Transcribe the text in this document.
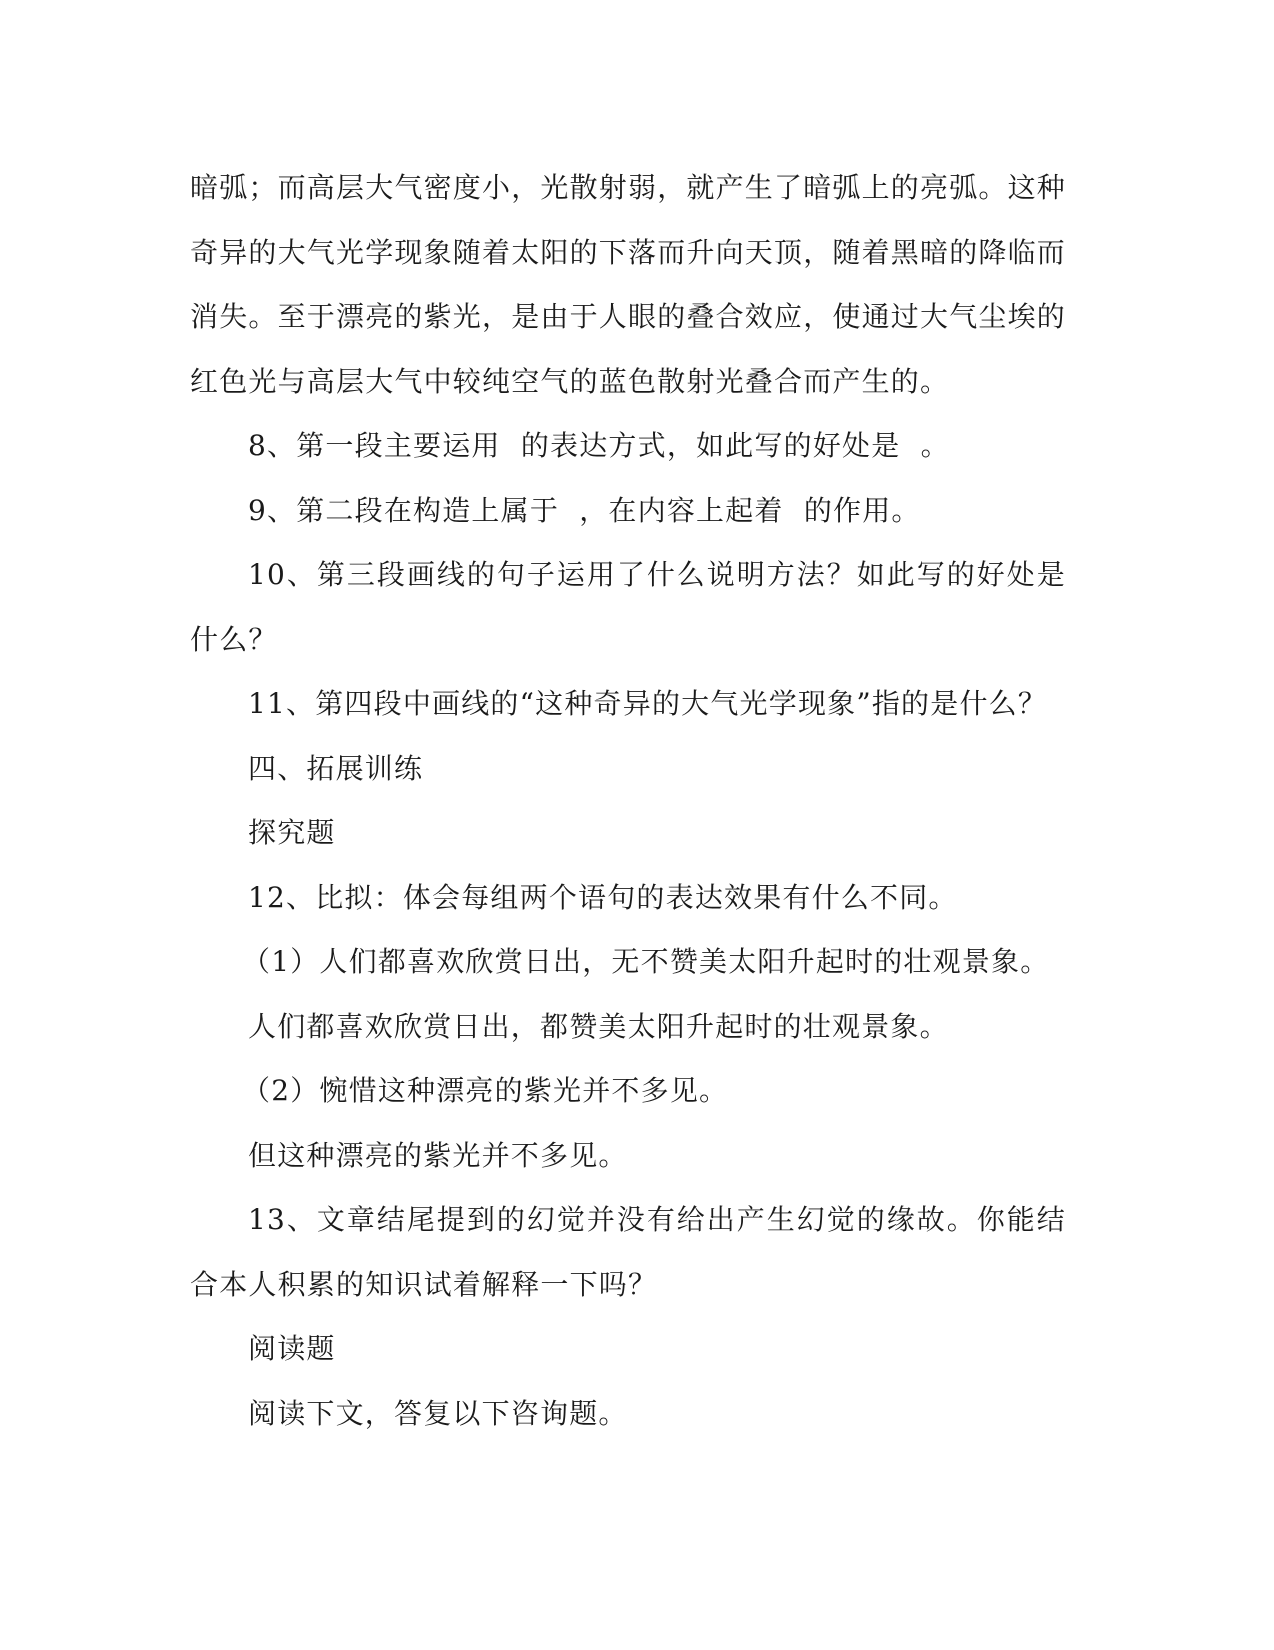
暗弧；而高层大气密度小，光散射弱，就产生了暗弧上的亮弧。这种奇异的大气光学现象随着太阳的下落而升向天顶，随着黑暗的降临而消失。至于漂亮的紫光，是由于人眼的叠合效应，使通过大气尘埃的红色光与高层大气中较纯空气的蓝色散射光叠合而产生的。

8、第一段主要运用  的表达方式，如此写的好处是  。

9、第二段在构造上属于  ，在内容上起着  的作用。

10、第三段画线的句子运用了什么说明方法？如此写的好处是什么？

11、第四段中画线的“这种奇异的大气光学现象”指的是什么？

四、拓展训练

探究题

12、比拟：体会每组两个语句的表达效果有什么不同。

（1）人们都喜欢欣赏日出，无不赞美太阳升起时的壮观景象。

人们都喜欢欣赏日出，都赞美太阳升起时的壮观景象。

（2）惋惜这种漂亮的紫光并不多见。

但这种漂亮的紫光并不多见。

13、文章结尾提到的幻觉并没有给出产生幻觉的缘故。你能结合本人积累的知识试着解释一下吗？

阅读题

阅读下文，答复以下咨询题。
